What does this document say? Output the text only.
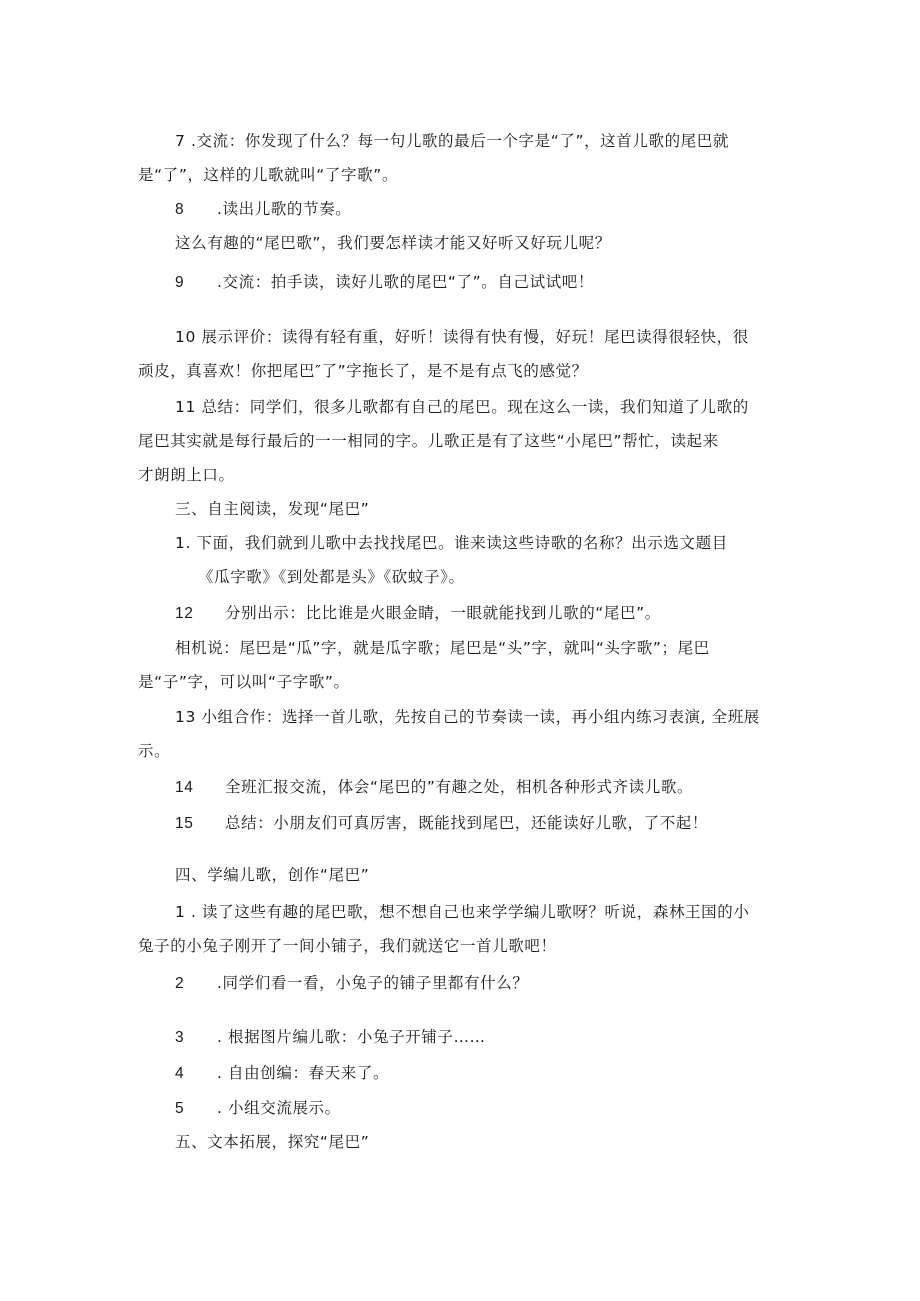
7 .交流：你发现了什么？每一句儿歌的最后一个字是“了”，这首儿歌的尾巴就
是“了”，这样的儿歌就叫“了字歌”。
8 .读出儿歌的节奏。
这么有趣的“尾巴歌”，我们要怎样读才能又好听又好玩儿呢？
9 .交流：拍手读，读好儿歌的尾巴“了”。自己试试吧！
10 展示评价：读得有轻有重，好听！读得有快有慢，好玩！尾巴读得很轻快，很
顽皮，真喜欢！你把尾巴″了”字拖长了，是不是有点飞的感觉？
11 总结：同学们，很多儿歌都有自己的尾巴。现在这么一读，我们知道了儿歌的
尾巴其实就是每行最后的一一相同的字。儿歌正是有了这些“小尾巴”帮忙，读起来
才朗朗上口。
三、自主阅读，发现“尾巴”
1. 下面，我们就到儿歌中去找找尾巴。谁来读这些诗歌的名称？出示选文题目
《瓜字歌》《到处都是头》《砍蚊子》。
12 分别出示：比比谁是火眼金睛，一眼就能找到儿歌的“尾巴”。
相机说：尾巴是“瓜”字，就是瓜字歌；尾巴是“头”字，就叫“头字歌”；尾巴
是“子”字，可以叫“子字歌”。
13 小组合作：选择一首儿歌，先按自己的节奏读一读，再小组内练习表演, 全班展
示。
14 全班汇报交流，体会“尾巴的”有趣之处，相机各种形式齐读儿歌。
15 总结：小朋友们可真厉害，既能找到尾巴，还能读好儿歌，了不起！
四、学编儿歌，创作“尾巴”
1 . 读了这些有趣的尾巴歌，想不想自己也来学学编儿歌呀？听说，森林王国的小
兔子的小兔子刚开了一间小铺子，我们就送它一首儿歌吧！
2 .同学们看一看，小兔子的铺子里都有什么？
3 . 根据图片编儿歌：小兔子开铺子……
4 . 自由创编：春天来了。
5 . 小组交流展示。
五、文本拓展，探究“尾巴”
